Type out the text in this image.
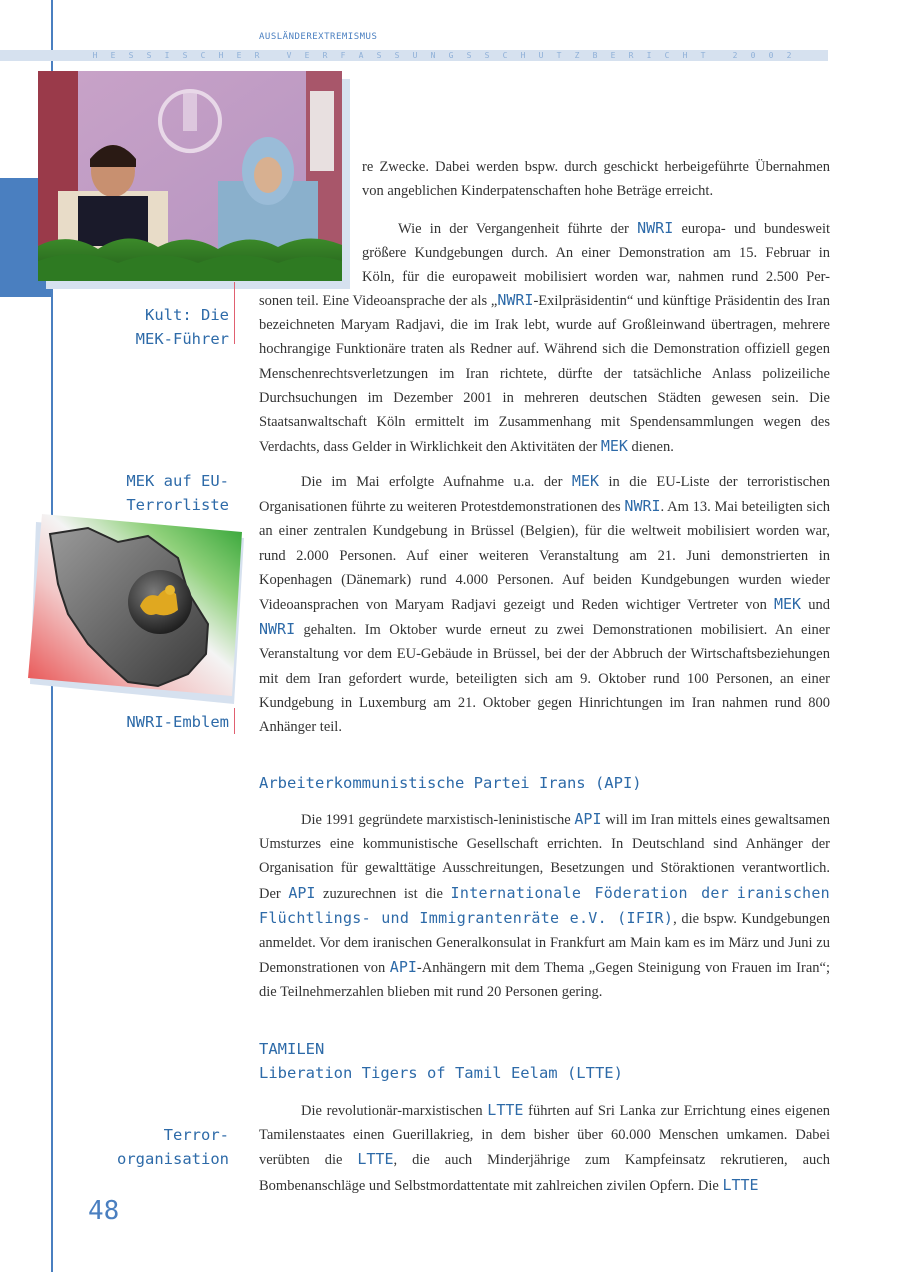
AUSLÄNDEREXTREMISMUS
H	E	S	S	I	S	C	H	E	R	V	E	R	F	A	S	S	U	N	G	S	S	C	H	U	T	Z	B	E	R	I	C	H	T	2	0	0	2
Kult: Die
MEK-Führer
MEK auf EU-
Terrorliste
NWRI-Emblem
Terror-
organisation
48
re Zwecke. Dabei werden bspw. durch geschickt herbeigeführte Übernahmen
von angeblichen Kinderpatenschaften hohe Beträge erreicht.
Wie in der Vergangenheit führte der NWRI europa- und bundesweit
größere Kundgebungen durch. An einer Demonstration am 15. Februar in
Köln, für die europaweit mobilisiert worden war, nahmen rund 2.500 Per-

sonen teil. Eine Videoansprache der als „NWRI-Exilpräsidentin“ und künftige Präsidentin des Iran bezeichneten Maryam Radjavi, die im Irak lebt, wurde auf Großleinwand übertragen, mehrere hochrangige Funktionäre traten als Redner auf. Während sich die Demonstration offiziell gegen Menschenrechtsverletzungen im Iran richtete, dürfte der tatsächliche Anlass polizeiliche Durchsuchungen im Dezember 2001 in mehreren deutschen Städten gewesen sein. Die Staatsanwaltschaft Köln ermittelt im Zusammenhang mit Spendensammlungen wegen des Verdachts, dass Gelder in Wirklichkeit den Aktivitäten der MEK dienen.

Die im Mai erfolgte Aufnahme u.a. der MEK in die EU-Liste der terroristischen Organisationen führte zu weiteren Protestdemonstrationen des NWRI. Am 13. Mai beteiligten sich an einer zentralen Kundgebung in Brüssel (Belgien), für die weltweit mobilisiert worden war, rund 2.000 Personen. Auf einer weiteren Veranstaltung am 21. Juni demonstrierten in Kopenhagen (Dänemark) rund 4.000 Personen. Auf beiden Kundgebungen wurden wieder Videoansprachen von Maryam Radjavi gezeigt und Reden wichtiger Vertreter von MEK und NWRI gehalten. Im Oktober wurde erneut zu zwei Demonstrationen mobilisiert. An einer Veranstaltung vor dem EU-Gebäude in Brüssel, bei der der Abbruch der Wirtschaftsbeziehungen mit dem Iran gefordert wurde, beteiligten sich am 9. Oktober rund 100 Personen, an einer Kundgebung in Luxemburg am 21. Oktober gegen Hinrichtungen im Iran nahmen rund 800 Anhänger teil.

Arbeiterkommunistische Partei Irans (API)

Die 1991 gegründete marxistisch-leninistische API will im Iran mittels eines gewaltsamen Umsturzes eine kommunistische Gesellschaft errichten. In Deutschland sind Anhänger der Organisation für gewalttätige Ausschreitungen, Besetzungen und Störaktionen verantwortlich. Der API zuzurechnen ist die Internationale Föderation der iranischen Flüchtlings- und Immigrantenräte e.V. (IFIR), die bspw. Kundgebungen anmeldet. Vor dem iranischen Generalkonsulat in Frankfurt am Main kam es im März und Juni zu Demonstrationen von API-Anhängern mit dem Thema „Gegen Steinigung von Frauen im Iran“; die Teilnehmerzahlen blieben mit rund 20 Personen gering.

TAMILEN
Liberation Tigers of Tamil Eelam (LTTE)

Die revolutionär-marxistischen LTTE führten auf Sri Lanka zur Errichtung eines eigenen Tamilenstaates einen Guerillakrieg, in dem bisher über 60.000 Menschen umkamen. Dabei verübten die LTTE, die auch Minderjährige zum Kampfeinsatz rekrutieren, auch Bombenanschläge und Selbstmordattentate mit zahlreichen zivilen Opfern. Die LTTE
